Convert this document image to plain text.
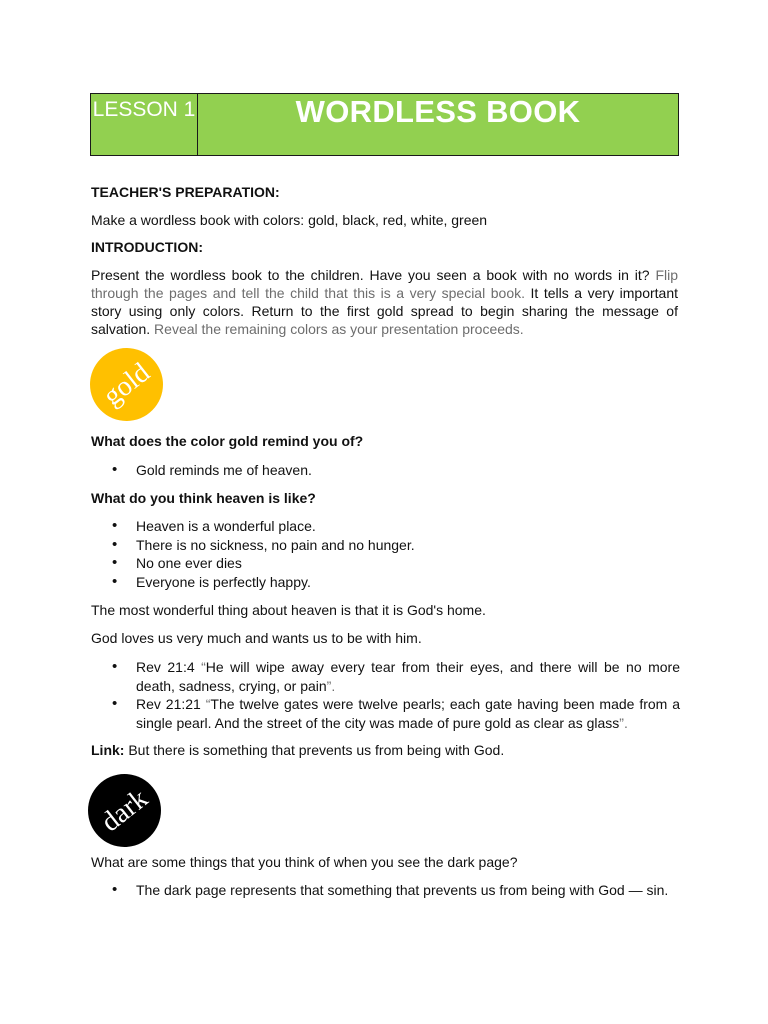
LESSON 1	WORDLESS BOOK
TEACHER'S PREPARATION:
Make a wordless book with colors: gold, black, red, white, green
INTRODUCTION:
Present the wordless book to the children. Have you seen a book with no words in it? Flip through the pages and tell the child that this is a very special book. It tells a very important story using only colors. Return to the first gold spread to begin sharing the message of salvation. Reveal the remaining colors as your presentation proceeds.
gold
What does the color gold remind you of?
• Gold reminds me of heaven.
What do you think heaven is like?
• Heaven is a wonderful place.
• There is no sickness, no pain and no hunger.
• No one ever dies
• Everyone is perfectly happy.
The most wonderful thing about heaven is that it is God's home.
God loves us very much and wants us to be with him.
• Rev 21:4 “He will wipe away every tear from their eyes, and there will be no more death, sadness, crying, or pain”.
• Rev 21:21 “The twelve gates were twelve pearls; each gate having been made from a single pearl. And the street of the city was made of pure gold as clear as glass”.
Link: But there is something that prevents us from being with God.
dark
What are some things that you think of when you see the dark page?
• The dark page represents that something that prevents us from being with God — sin.
